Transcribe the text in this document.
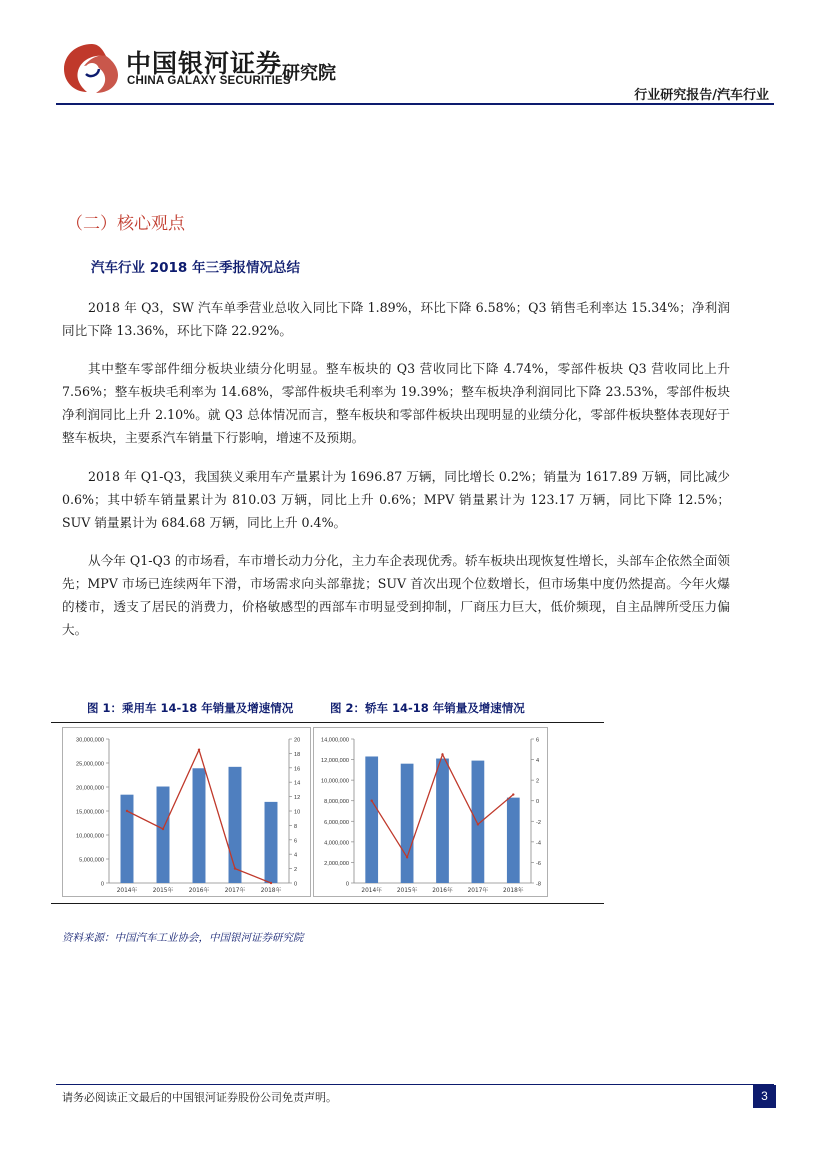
中国银河证券
CHINA GALAXY SECURITIES
研究院
行业研究报告/汽车行业
（二）核心观点
汽车行业 2018 年三季报情况总结

2018 年 Q3，SW 汽车单季营业总收入同比下降 1.89%，环比下降 6.58%；Q3 销售毛利率达 15.34%；净利润同比下降 13.36%，环比下降 22.92%。

其中整车零部件细分板块业绩分化明显。整车板块的 Q3 营收同比下降 4.74%，零部件板块 Q3 营收同比上升 7.56%；整车板块毛利率为 14.68%，零部件板块毛利率为 19.39%；整车板块净利润同比下降 23.53%，零部件板块净利润同比上升 2.10%。就 Q3 总体情况而言，整车板块和零部件板块出现明显的业绩分化，零部件板块整体表现好于整车板块，主要系汽车销量下行影响，增速不及预期。

2018 年 Q1-Q3，我国狭义乘用车产量累计为 1696.87 万辆，同比增长 0.2%；销量为 1617.89 万辆，同比减少 0.6%；其中轿车销量累计为 810.03 万辆，同比上升 0.6%；MPV 销量累计为 123.17 万辆，同比下降 12.5%；SUV 销量累计为 684.68 万辆，同比上升 0.4%。

从今年 Q1-Q3 的市场看，车市增长动力分化，主力车企表现优秀。轿车板块出现恢复性增长，头部车企依然全面领先；MPV 市场已连续两年下滑，市场需求向头部靠拢；SUV 首次出现个位数增长，但市场集中度仍然提高。今年火爆的楼市，透支了居民的消费力，价格敏感型的西部车市明显受到抑制，厂商压力巨大，低价频现，自主品牌所受压力偏大。

图 1：乘用车 14-18 年销量及增速情况	图 2：轿车 14-18 年销量及增速情况
0
5,000,000
10,000,000
15,000,000
20,000,000
25,000,000
30,000,000
0
2
4
6
8
10
12
14
16
18
20
2014年	2015年	2016年	2017年	2018年
0
2,000,000
4,000,000
6,000,000
8,000,000
10,000,000
12,000,000
14,000,000
-8
-6
-4
-2
0
2
4
6
2014年	2015年	2016年	2017年	2018年
资料来源：中国汽车工业协会，中国银河证券研究院
请务必阅读正文最后的中国银河证券股份公司免责声明。	3
